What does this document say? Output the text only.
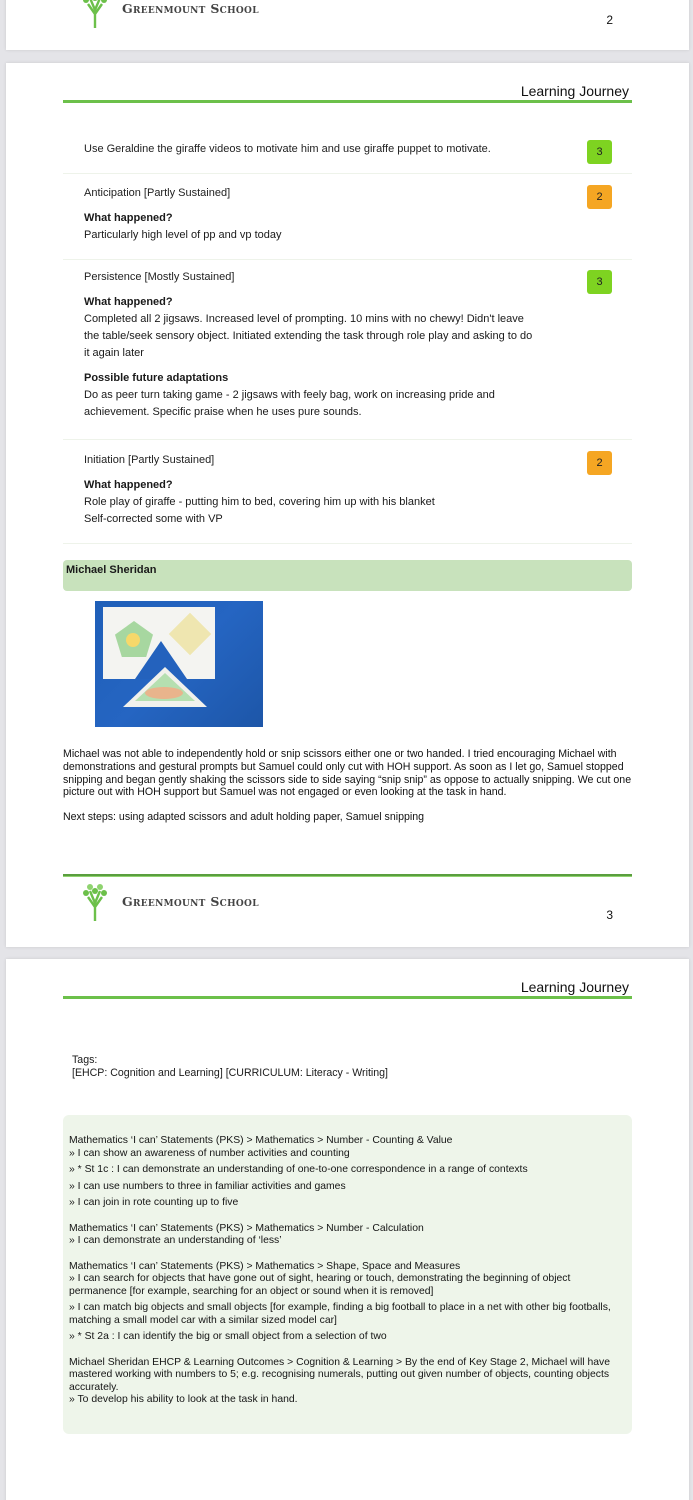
Greenmount School
2
Learning Journey
Use Geraldine the giraffe videos to motivate him and use giraffe puppet to motivate.	3
Anticipation [Partly Sustained]	2
What happened?
Particularly high level of pp and vp today
Persistence [Mostly Sustained]	3
What happened?
Completed all 2 jigsaws. Increased level of prompting. 10 mins with no chewy! Didn't leave the table/seek sensory object. Initiated extending the task through role play and asking to do it again later
Possible future adaptations
Do as peer turn taking game - 2 jigsaws with feely bag, work on increasing pride and achievement. Specific praise when he uses pure sounds.
Initiation [Partly Sustained]	2
What happened?
Role play of giraffe - putting him to bed, covering him up with his blanket
Self-corrected some with VP
Michael Sheridan

Michael was not able to independently hold or snip scissors either one or two handed. I tried encouraging Michael with demonstrations and gestural prompts but Samuel could only cut with HOH support. As soon as I let go, Samuel stopped snipping and began gently shaking the scissors side to side saying “snip snip” as oppose to actually snipping. We cut one picture out with HOH support but Samuel was not engaged or even looking at the task in hand.

Next steps: using adapted scissors and adult holding paper, Samuel snipping

Greenmount School
3
Learning Journey
Tags:
[EHCP: Cognition and Learning] [CURRICULUM: Literacy - Writing]
Mathematics ‘I can’ Statements (PKS) > Mathematics > Number - Counting & Value
» I can show an awareness of number activities and counting
» * St 1c : I can demonstrate an understanding of one-to-one correspondence in a range of contexts
» I can use numbers to three in familiar activities and games
» I can join in rote counting up to five
Mathematics ‘I can’ Statements (PKS) > Mathematics > Number - Calculation
» I can demonstrate an understanding of ‘less’
Mathematics ‘I can’ Statements (PKS) > Mathematics > Shape, Space and Measures
» I can search for objects that have gone out of sight, hearing or touch, demonstrating the beginning of object permanence [for example, searching for an object or sound when it is removed]
» I can match big objects and small objects [for example, finding a big football to place in a net with other big footballs, matching a small model car with a similar sized model car]
» * St 2a : I can identify the big or small object from a selection of two
Michael Sheridan EHCP & Learning Outcomes > Cognition & Learning > By the end of Key Stage 2, Michael will have mastered working with numbers to 5; e.g. recognising numerals, putting out given number of objects, counting objects accurately.
» To develop his ability to look at the task in hand.
